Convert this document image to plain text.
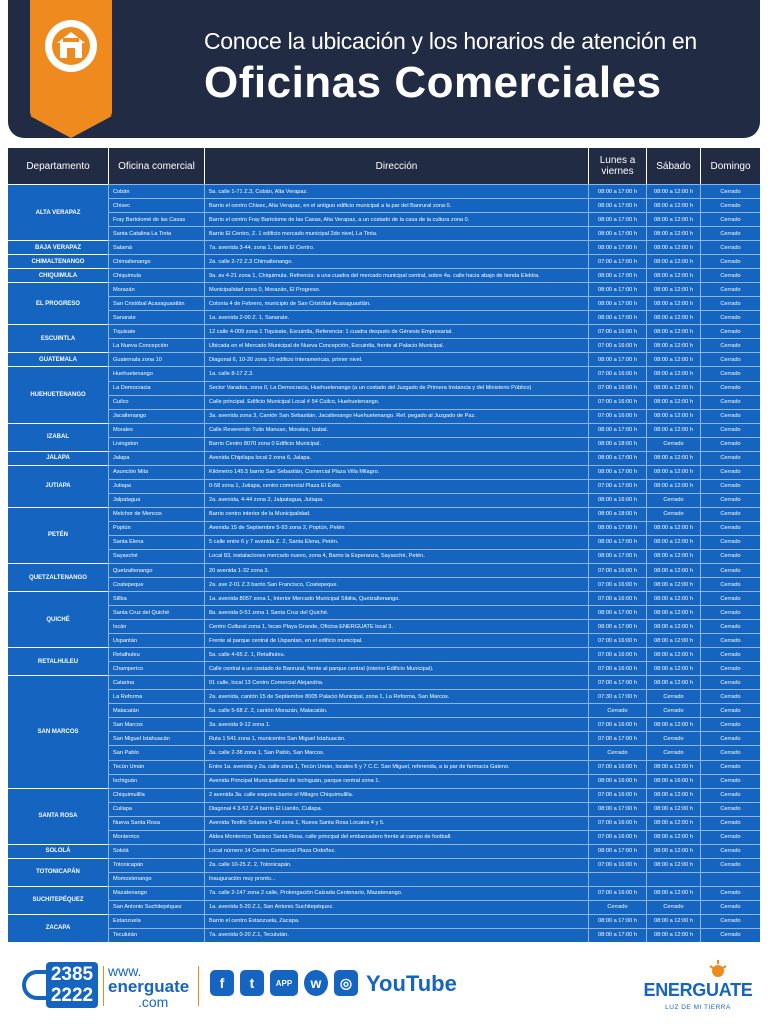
Conoce la ubicación y los horarios de atención en
Oficinas Comerciales
Departamento	Oficina comercial	Dirección	Lunes a viernes	Sábado	Domingo
ALTA VERAPAZ
Cobán	5a. calle 1-71 Z.3, Cobán, Alta Verapaz.	08:00 a 17:00 h	08:00 a 12:00 h	Cerrado
Chisec	Barrio el centro Chisec, Alta Verapaz, en el antiguo edificio municipal a la par del Banrural zona 0.	08:00 a 17:00 h	08:00 a 12:00 h	Cerrado
Fray Bartolomé de las Casas	Barrio el centro Fray Bartolome de las Casas, Alta Verapaz, a un costado de la casa de la cultura zona 0.	08:00 a 17:00 h	08:00 a 12:00 h	Cerrado
Santa Catalina La Tinta	Barrio El Centro, Z. 1 edificio mercado municipal 2do nivel, La Tinta.	08:00 a 17:00 h	08:00 a 12:00 h	Cerrado
BAJA VERAPAZ	Salamá	7a. avenida 3-44, zona 1, barrio El Centro.	08:00 a 17:00 h	08:00 a 12:00 h	Cerrado
CHIMALTENANGO	Chimaltenango	2a. calle 2-72 Z.3 Chimaltenango.	07:00 a 17:00 h	08:00 a 12:00 h	Cerrado
CHIQUIMULA	Chiquimula	9a. av 4-21 zona 1, Chiquimula. Refrencia: a una cuadra del mercado municipal central, sobre 4a. calle hacia abajo de tienda Elektra.	08:00 a 17:00 h	08:00 a 12:00 h	Cerrado
EL PROGRESO
Morazán	Municipalidad zona 0, Morazán, El Progreso.	08:00 a 17:00 h	08:00 a 12:00 h	Cerrado
San Cristóbal Acasaguastlán	Colonia 4 de Febrero, municipio de San Cristóbal Acasaguastlán.	08:00 a 17:00 h	08:00 a 12:00 h	Cerrado
Sanarate	1a. avenida 2-00 Z. 1, Sanarate.	08:00 a 17:00 h	08:00 a 12:00 h	Cerrado
ESCUINTLA
Tiquisate	12 calle 4-009 zona 1 Tiquisate, Escuintla, Referencia: 1 cuadra después de Génesis Empresarial.	07:00 a 16:00 h	08:00 a 12:00 h	Cerrado
La Nueva Concepción	Ubicada en el Mercado Municipal de Nueva Concepción, Escuintla, frente al Palacio Municipal.	07:00 a 16:00 h	08:00 a 12:00 h	Cerrado
GUATEMALA	Guatemala zona 10	Diagonal 6, 10-20 zona 10 edificio Interamericas, primer nivel.	08:00 a 17:00 h	08:00 a 12:00 h	Cerrado
HUEHUETENANGO
Huehuetenango	1a. calle 8-17 Z.3.	07:00 a 16:00 h	08:00 a 12:00 h	Cerrado
La Democracia	Sector Varados, zona 0, La Democracia, Huehuetenango (a un costado del Juzgado de Primera Instancia y del Ministerio Público)	07:00 a 16:00 h	08:00 a 12:00 h	Cerrado
Cuilco	Calle principal. Edificio Municipal Local # 54 Cuilco, Huehuetenango.	07:00 a 16:00 h	08:00 a 12:00 h	Cerrado
Jacaltenango	3a. avenida zona 3, Cantón San Sebastián, Jacaltenango Huehuetenango. Ref. pegado al Juzgado de Paz.	07:00 a 16:00 h	08:00 a 12:00 h	Cerrado
IZABAL
Morales	Calle Reverendo Tulio Manuso, Morales, Izabal.	08:00 a 17:00 h	08:00 a 12:00 h	Cerrado
Livingston	Barrio Centro 8070 zona 0 Edificio Municipal.	08:00 a 18:00 h	Cerrado	Cerrado
JALAPA	Jalapa	Avenida Chipilapa local 2 zona 6, Jalapa.	08:00 a 17:00 h	08:00 a 12:00 h	Cerrado
JUTIAPA
Asunción Mita	Kilómetro 145.5 barrio San Sebastián, Comercial Plaza Villa Milagro.	08:00 a 17:00 h	08:00 a 12:00 h	Cerrado
Jutiapa	0-58 zona 1, Jutiapa, centro comercial Plaza El Éxito.	07:00 a 17:00 h	08:00 a 12:00 h	Cerrado
Jalpatagua	2a. avenida, 4-44 zona 2, Jalpatagua, Jutiapa.	08:00 a 16:00 h	Cerrado	Cerrado
PETÉN
Melchor de Mencos	Barrio centro interior de la Municipalidad.	08:00 a 18:00 h	Cerrado	Cerrado
Poptún	Avenida 15 de Septiembre 5-93 zona 2, Poptún, Petén	08:00 a 17:00 h	08:00 a 12:00 h	Cerrado
Santa Elena	5 calle entre 6 y 7 avenida Z. 2, Santa Elena, Petén.	08:00 a 17:00 h	08:00 a 12:00 h	Cerrado
Sayaxché	Local 83, instalaciones mercado nuevo, zona 4, Barrio la Esperanza, Sayaxché, Petén.	08:00 a 17:00 h	08:00 a 12:00 h	Cerrado
QUETZALTENANGO
Quetzaltenango	20 avenida 1-32 zona 3.	07:00 a 16:00 h	08:00 a 12:00 h	Cerrado
Coatepeque	2a. ave 2-01 Z.3 barrio San Francisco, Coatepeque.	07:00 a 16:00 h	08:00 a 12:00 h	Cerrado
QUICHÉ
Sillba	1a. avenida 8057 zona 1, Interior Mercado Municipal Sibilia, Quetzaltenango.	07:00 a 16:00 h	08:00 a 12:00 h	Cerrado
Santa Cruz del Quiché	8a. avenida 0-51 zona 1 Santa Cruz del Quiché.	08:00 a 17:00 h	08:00 a 12:00 h	Cerrado
Ixcán	Centro Cultural zona 1, Ixcan Playa Grande, Oficina ENERGUATE local 3.	08:00 a 17:00 h	08:00 a 12:00 h	Cerrado
Uspantán	Frente al parque central de Uspantan, en el edificio municipal.	07:00 a 16:00 h	08:00 a 12:00 h	Cerrado
RETALHULEU
Retalhuleu	5a. calle 4-65 Z. 1, Retalhuleu.	07:00 a 16:00 h	08:00 a 12:00 h	Cerrado
Champerico	Calle central a un costado de Banrural, frente al parque central (interior Edificio Municipal).	07:00 a 16:00 h	08:00 a 12:00 h	Cerrado
SAN MARCOS
Catarina	01 calle, local 13 Centro Comercial Alejandria.	07:00 a 17:00 h	08:00 a 12:00 h	Cerrado
La Reforma	2a. avenida, cantón 15 de Septiembre 8005 Palacio Municipal, zona 1, La Reforma, San Marcos.	07:30 a 17:00 h	Cerrado	Cerrado
Malacatán	5a. calle 5-68 Z. 2, cantón Morazán, Malacatán.	Cerrado	Cerrado	Cerrado
San Marcos	3a. avenida 9-12 zona 1.	07:00 a 16:00 h	08:00 a 12:00 h	Cerrado
San Miguel Ixtahuacán	Ruta 1 541 zona 1, municentro San Miguel Ixtahuacán.	07:00 a 17:00 h	Cerrado	Cerrado
San Pablo	3a. calle 2-38 zona 1, San Pablo, San Marcos.	Cerrado	Cerrado	Cerrado
Tecún Umán	Entre 1a. avenida y 2a. calle zona 1, Tecún Umán, locales 6 y 7 C.C. San Miguel, referenda, a la par de farmacia Galeno.	07:00 a 16:00 h	08:00 a 12:00 h	Cerrado
Ixchiguán	Avenida Principal Municipalidad de Ixchiguán, parque central zona 1.	08:00 a 16:00 h	08:00 a 16:00 h	Cerrado
SANTA ROSA
Chiquimulilla	2 avenida 3a. calle esquina barrio el Milagro Chiquimulilla.	07:00 a 16:00 h	08:00 a 12:00 h	Cerrado
Cuilapa	Diagonal 4 3-52 Z.4 barrio El Llanito, Cuilapa.	08:00 a 17:00 h	08:00 a 12:00 h	Cerrado
Nueva Santa Rosa	Avenida Teofilo Solares 9-40 zona 1, Nueva Santa Rosa Locales 4 y 5.	07:00 a 16:00 h	08:00 a 12:00 h	Cerrado
Monterrico	Aldea Monterrico Taxisco Santa Rosa, calle principal del embarcadero frente al campo de football.	07:00 a 16:00 h	08:00 a 12:00 h	Cerrado
SOLOLÁ	Sololá	Local número 14 Centro Comercial Plaza Ordoñez.	08:00 a 17:00 h	08:00 a 12:00 h	Cerrado
TOTONICAPÁN
Totonicapán	2a. calle 10-25 Z. 2, Totonicapán.	07:00 a 16:00 h	08:00 a 12:00 h	Cerrado
Momostenango	Inauguración muy pronto...
SUCHITEPÉQUEZ
Mazatenango	7a. calle 2-147 zona 2 calle, Prolongación Calzada Centenario, Mazatenango.	07:00 a 16:00 h	08:00 a 12:00 h	Cerrado
San Antonio Suchitepéquez	1a. avenida 5-20 Z.1, San Antonio Suchitepéquez.	Cerrado	Cerrado	Cerrado
ZACAPA
Estanzuela	Barrio el centro Estanzuela, Zacapa.	08:00 a 17:00 h	08:00 a 12:00 h	Cerrado
Teculután	7a. avenida 0-20 Z.1, Teculután.	08:00 a 17:00 h	08:00 a 12:00 h	Cerrado
2385
2222
www.
energuate
.com
f	t	APP	w	◎ YouTube	ENERGUATE
LUZ DE MI TIERRA
